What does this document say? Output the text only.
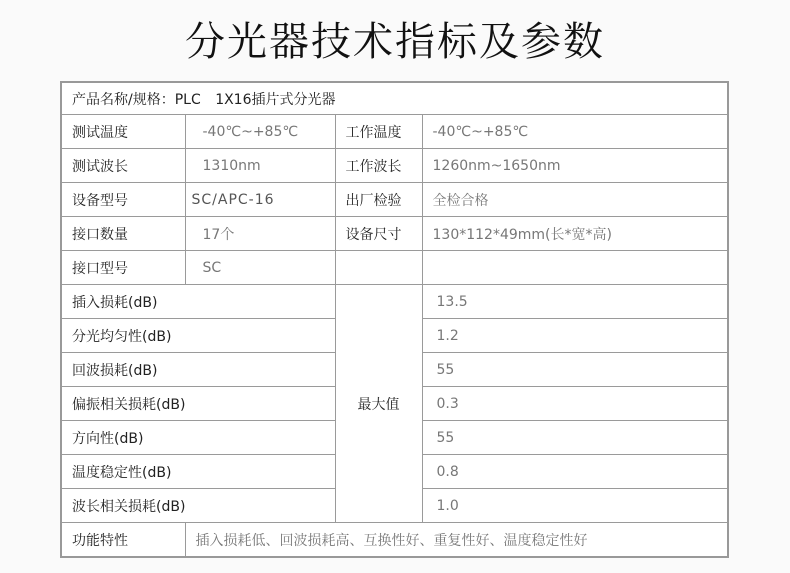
分光器技术指标及参数
产品名称/规格：PLC 1X16插片式分光器			
测试温度	-40℃~+85℃	工作温度	-40℃~+85℃
测试波长	1310nm	工作波长	1260nm~1650nm
设备型号	SC/APC-16	出厂检验	全检合格
接口数量	17个	设备尺寸	130*112*49mm(长*宽*高)
接口型号	SC		
插入损耗(dB)		最大值	13.5
分光均匀性(dB)			1.2
回波损耗(dB)			55
偏振相关损耗(dB)			0.3
方向性(dB)			55
温度稳定性(dB)			0.8
波长相关损耗(dB)			1.0
功能特性	插入损耗低、回波损耗高、互换性好、重复性好、温度稳定性好		
